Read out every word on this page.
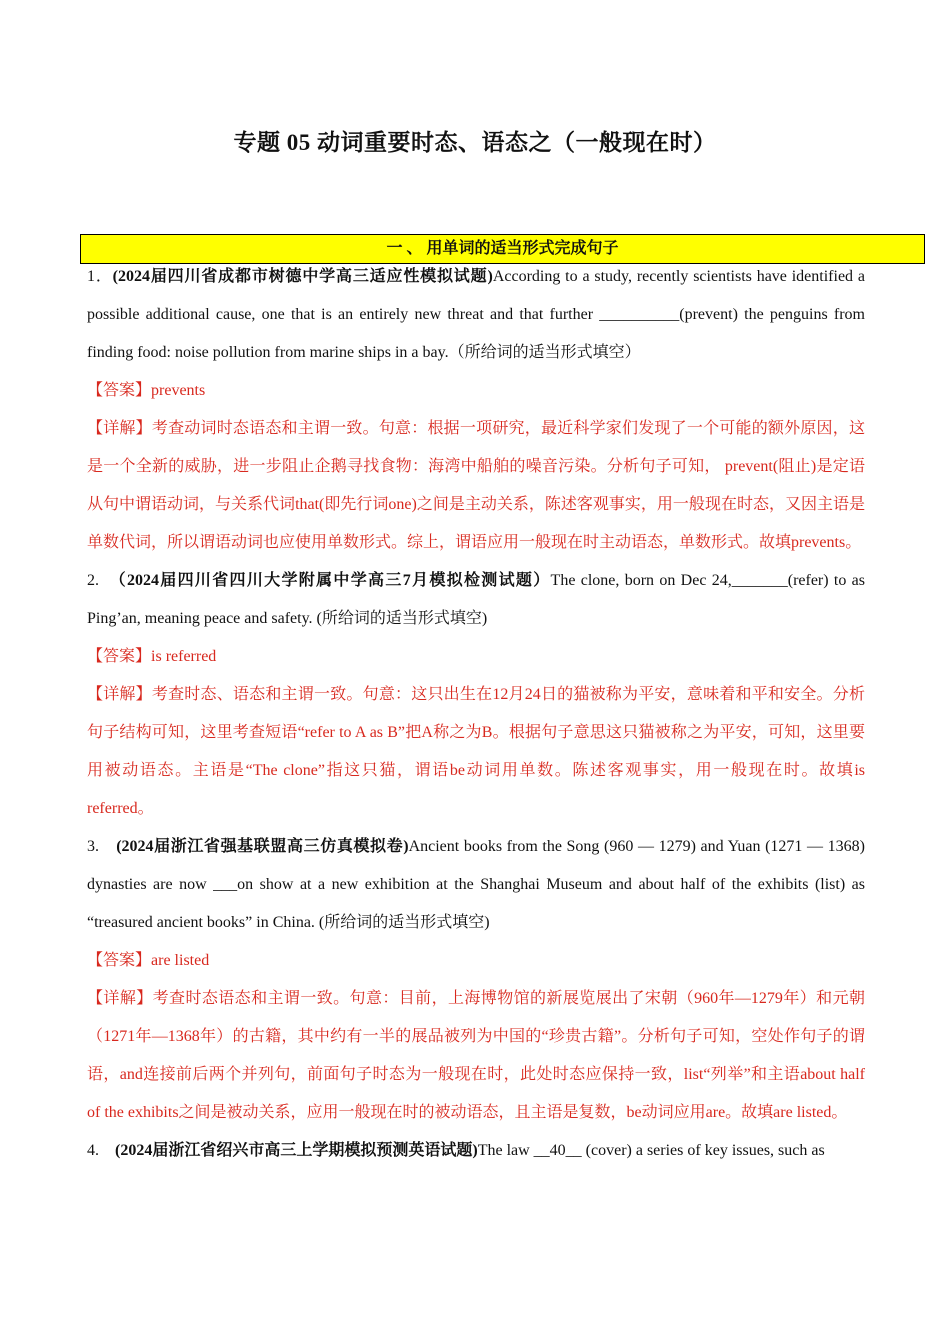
专题 05 动词重要时态、语态之（一般现在时）
一 、 用单词的适当形式完成句子

1．(2024届四川省成都市树德中学高三适应性模拟试题)According to a study, recently scientists have identified a possible additional cause, one that is an entirely new threat and that further __________(prevent) the penguins from finding food: noise pollution from marine ships in a bay.（所给词的适当形式填空）

【答案】prevents

【详解】考查动词时态语态和主谓一致。句意：根据一项研究，最近科学家们发现了一个可能的额外原因，这是一个全新的威胁，进一步阻止企鹅寻找食物：海湾中船舶的噪音污染。分析句子可知， prevent(阻止)是定语从句中谓语动词，与关系代词that(即先行词one)之间是主动关系，陈述客观事实，用一般现在时态，又因主语是单数代词，所以谓语动词也应使用单数形式。综上，谓语应用一般现在时主动语态，单数形式。故填prevents。

2.　（2024届四川省四川大学附属中学高三7月模拟检测试题）The clone, born on Dec 24,_______(refer) to as Ping’an, meaning peace and safety. (所给词的适当形式填空)

【答案】is referred

【详解】考查时态、语态和主谓一致。句意：这只出生在12月24日的猫被称为平安，意味着和平和安全。分析句子结构可知，这里考查短语“refer to A as B”把A称之为B。根据句子意思这只猫被称之为平安，可知，这里要用被动语态。主语是“The clone”指这只猫，谓语be动词用单数。陈述客观事实，用一般现在时。故填is referred。

3.　(2024届浙江省强基联盟高三仿真模拟卷)Ancient books from the Song (960 — 1279) and Yuan (1271 — 1368) dynasties are now ___on show at a new exhibition at the Shanghai Museum and about half of the exhibits (list) as “treasured ancient books” in China. (所给词的适当形式填空)

【答案】are listed

【详解】考查时态语态和主谓一致。句意：目前，上海博物馆的新展览展出了宋朝（960年—1279年）和元朝（1271年—1368年）的古籍，其中约有一半的展品被列为中国的“珍贵古籍”。分析句子可知，空处作句子的谓语，and连接前后两个并列句，前面句子时态为一般现在时，此处时态应保持一致，list“列举”和主语about half of the exhibits之间是被动关系，应用一般现在时的被动语态，且主语是复数，be动词应用are。故填are listed。

4.　(2024届浙江省绍兴市高三上学期模拟预测英语试题)The law __40__ (cover) a series of key issues, such as
